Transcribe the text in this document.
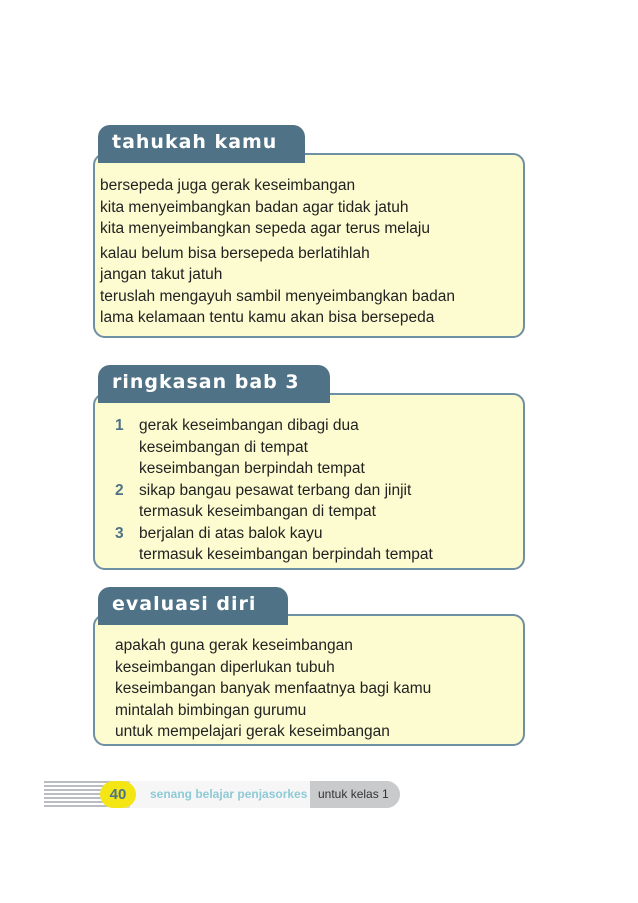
bersepeda juga gerak keseimbangan
kita menyeimbangkan badan agar tidak jatuh
kita menyeimbangkan sepeda agar terus melaju
kalau belum bisa bersepeda berlatihlah
jangan takut jatuh
teruslah mengayuh sambil menyeimbangkan badan
lama kelamaan tentu kamu akan bisa bersepeda
tahukah kamu
1 gerak keseimbangan dibagi dua
keseimbangan di tempat
keseimbangan berpindah tempat
2 sikap bangau pesawat terbang dan jinjit
termasuk keseimbangan di tempat
3 berjalan di atas balok kayu
termasuk keseimbangan berpindah tempat
ringkasan bab 3
apakah guna gerak keseimbangan
keseimbangan diperlukan tubuh
keseimbangan banyak menfaatnya bagi kamu
mintalah bimbingan gurumu
untuk mempelajari gerak keseimbangan
evaluasi diri
40	senang belajar penjasorkes untuk kelas 1
